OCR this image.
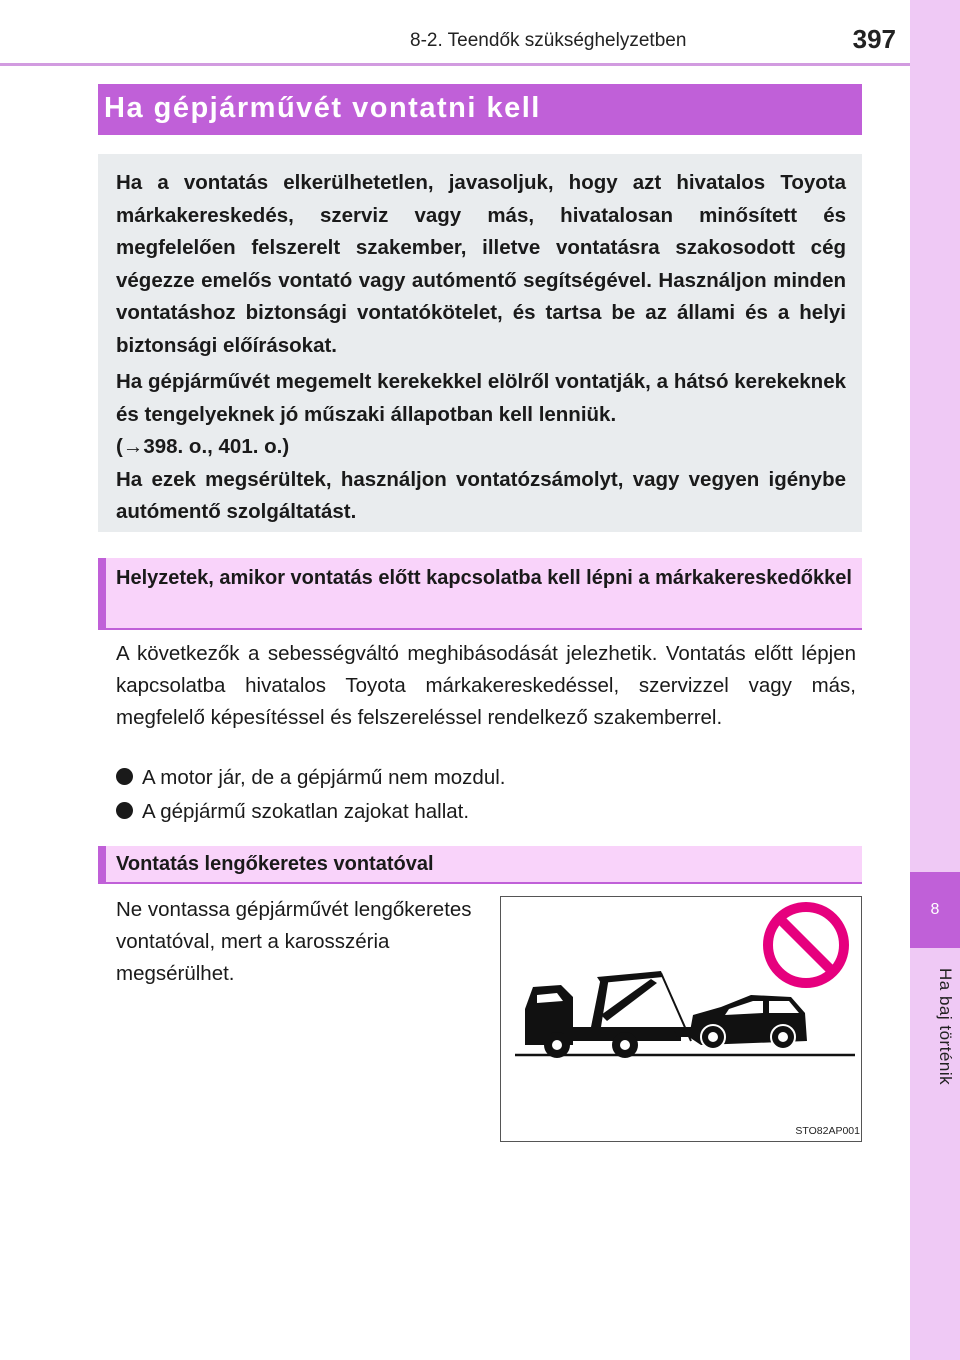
8-2. Teendők szükséghelyzetben	397
8
Ha baj történik
Ha gépjárművét vontatni kell

Ha a vontatás elkerülhetetlen, javasoljuk, hogy azt hivatalos Toyota márkakereskedés, szerviz vagy más, hivatalosan minősített és megfelelően felszerelt szakember, illetve vontatásra szakosodott cég végezze emelős vontató vagy autómentő segítségével. Használjon minden vontatáshoz biztonsági vontatókötelet, és tartsa be az állami és a helyi biztonsági előírásokat.

Ha gépjárművét megemelt kerekekkel elölről vontatják, a hátsó kerekeknek és tengelyeknek jó műszaki állapotban kell lenniük.
(→398. o., 401. o.)
Ha ezek megsérültek, használjon vontatózsámolyt, vagy vegyen igénybe autómentő szolgáltatást.

Helyzetek, amikor vontatás előtt kapcsolatba kell lépni a márkakereskedőkkel

A következők a sebességváltó meghibásodását jelezhetik. Vontatás előtt lépjen kapcsolatba hivatalos Toyota márkakereskedéssel, szervizzel vagy más, megfelelő képesítéssel és felszereléssel rendelkező szakemberrel.

A motor jár, de a gépjármű nem mozdul.
A gépjármű szokatlan zajokat hallat.

Vontatás lengőkeretes vontatóval

Ne vontassa gépjárművét lengőkeretes vontatóval, mert a karosszéria megsérülhet.

STO82AP001
